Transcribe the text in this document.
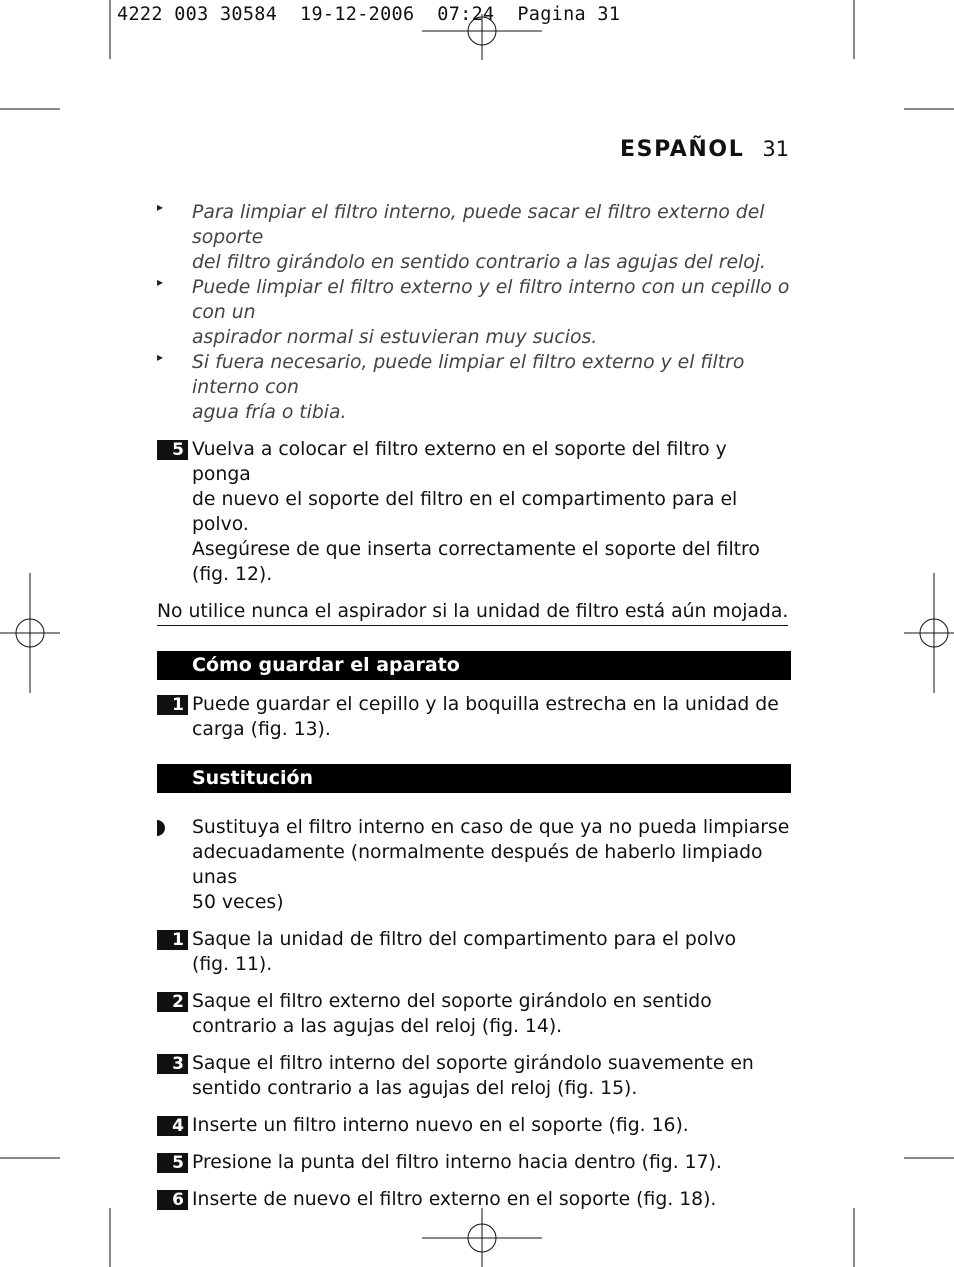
4222 003 30584  19-12-2006  07:24  Pagina 31
ESPAÑOL 31
▸ Para limpiar el filtro interno, puede sacar el filtro externo del soporte
del filtro girándolo en sentido contrario a las agujas del reloj.
▸ Puede limpiar el filtro externo y el filtro interno con un cepillo o con un
aspirador normal si estuvieran muy sucios.
▸ Si fuera necesario, puede limpiar el filtro externo y el filtro interno con
agua fría o tibia.
5 Vuelva a colocar el filtro externo en el soporte del filtro y ponga
de nuevo el soporte del filtro en el compartimento para el polvo.
Asegúrese de que inserta correctamente el soporte del filtro
(fig. 12).
No utilice nunca el aspirador si la unidad de filtro está aún mojada.
Cómo guardar el aparato
1 Puede guardar el cepillo y la boquilla estrecha en la unidad de
carga (fig. 13).
Sustitución
Sustituya el filtro interno en caso de que ya no pueda limpiarse
adecuadamente (normalmente después de haberlo limpiado unas
50 veces)
1 Saque la unidad de filtro del compartimento para el polvo
(fig. 11).
2 Saque el filtro externo del soporte girándolo en sentido
contrario a las agujas del reloj (fig. 14).
3 Saque el filtro interno del soporte girándolo suavemente en
sentido contrario a las agujas del reloj (fig. 15).
4 Inserte un filtro interno nuevo en el soporte (fig. 16).
5 Presione la punta del filtro interno hacia dentro (fig. 17).
6 Inserte de nuevo el filtro externo en el soporte (fig. 18).
